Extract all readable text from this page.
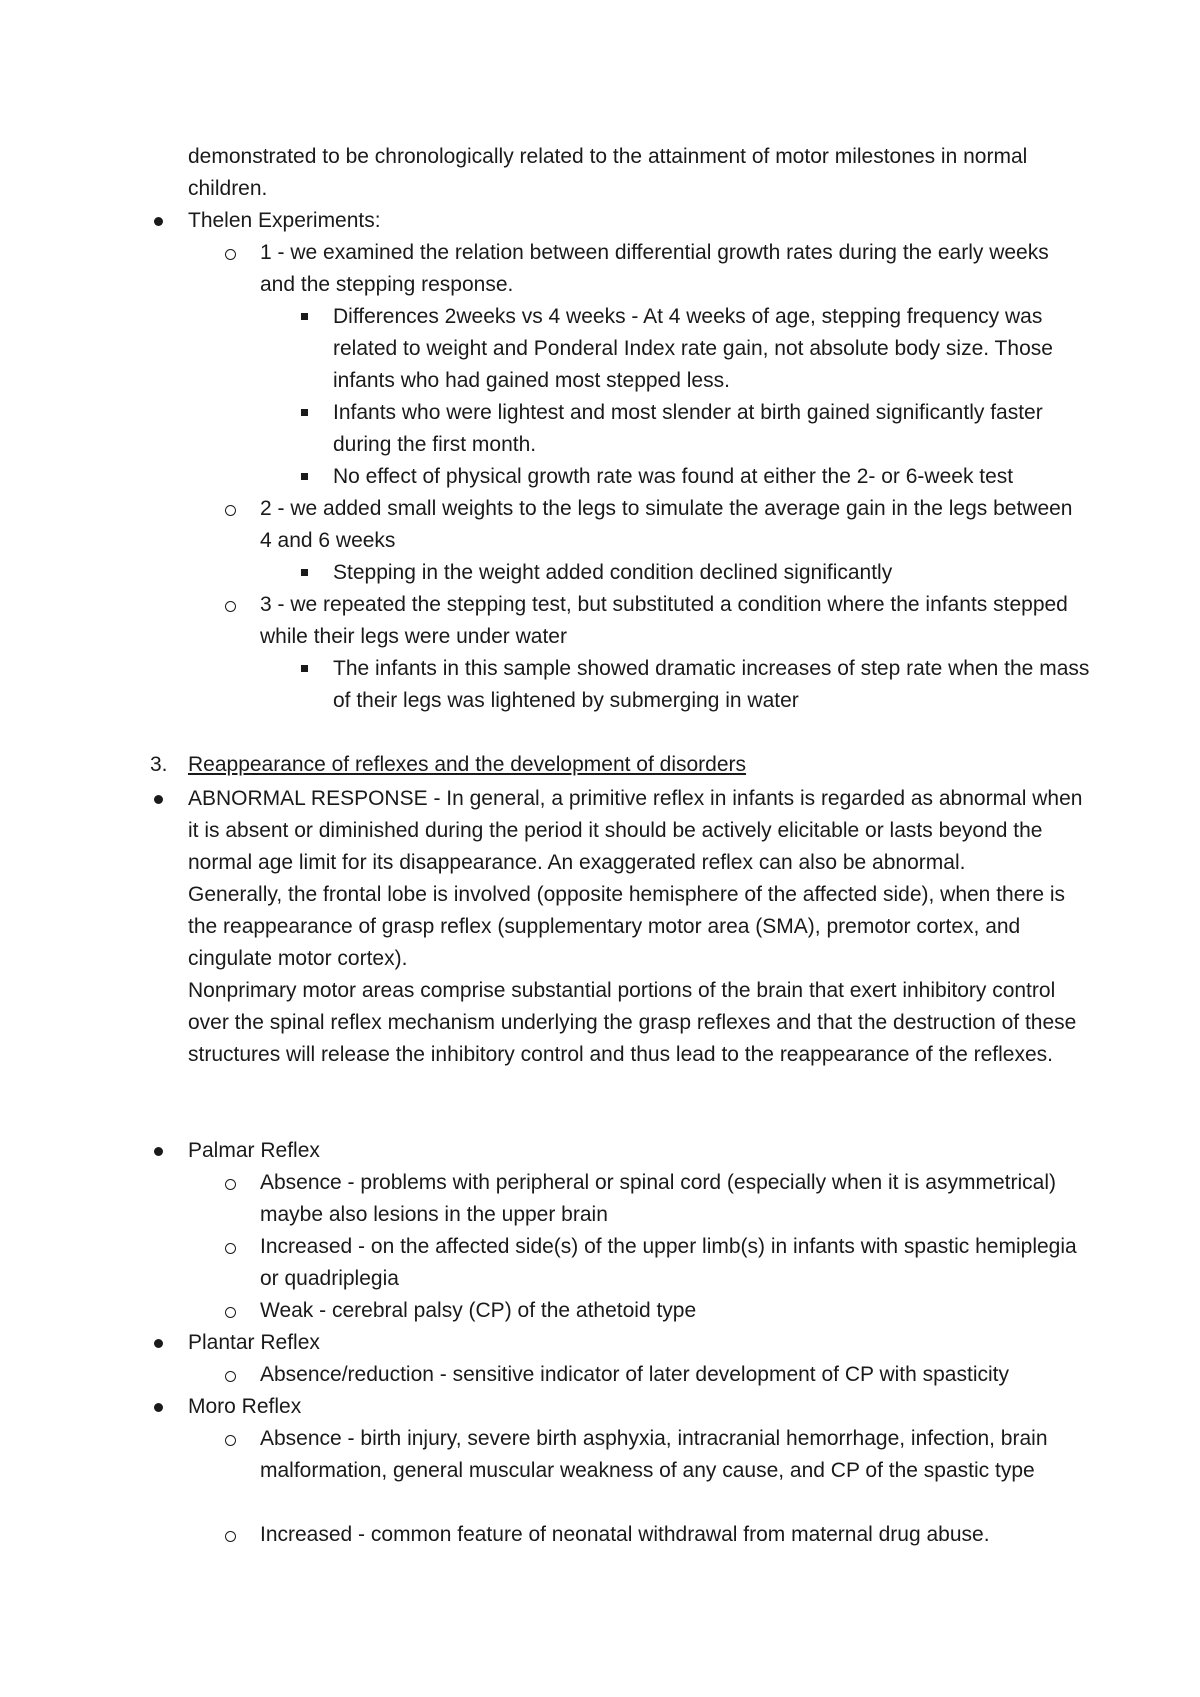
demonstrated to be chronologically related to the attainment of motor milestones in normal children.
Thelen Experiments:
1 - we examined the relation between differential growth rates during the early weeks and the stepping response.
Differences 2weeks vs 4 weeks - At 4 weeks of age, stepping frequency was related to weight and Ponderal Index rate gain, not absolute body size. Those infants who had gained most stepped less.
Infants who were lightest and most slender at birth gained significantly faster during the first month.
No effect of physical growth rate was found at either the 2- or 6-week test
2 - we added small weights to the legs to simulate the average gain in the legs between 4 and 6 weeks
Stepping in the weight added condition declined significantly
3 - we repeated the stepping test, but substituted a condition where the infants stepped while their legs were under water
The infants in this sample showed dramatic increases of step rate when the mass of their legs was lightened by submerging in water
3. Reappearance of reflexes and the development of disorders
ABNORMAL RESPONSE - In general, a primitive reflex in infants is regarded as abnormal when it is absent or diminished during the period it should be actively elicitable or lasts beyond the normal age limit for its disappearance. An exaggerated reflex can also be abnormal.
Generally, the frontal lobe is involved (opposite hemisphere of the affected side), when there is the reappearance of grasp reflex (supplementary motor area (SMA), premotor cortex, and cingulate motor cortex).
Nonprimary motor areas comprise substantial portions of the brain that exert inhibitory control over the spinal reflex mechanism underlying the grasp reflexes and that the destruction of these structures will release the inhibitory control and thus lead to the reappearance of the reflexes.
Palmar Reflex
Absence - problems with peripheral or spinal cord (especially when it is asymmetrical) maybe also lesions in the upper brain
Increased - on the affected side(s) of the upper limb(s) in infants with spastic hemiplegia or quadriplegia
Weak - cerebral palsy (CP) of the athetoid type
Plantar Reflex
Absence/reduction - sensitive indicator of later development of CP with spasticity
Moro Reflex
Absence - birth injury, severe birth asphyxia, intracranial hemorrhage, infection, brain malformation, general muscular weakness of any cause, and CP of the spastic type
Increased - common feature of neonatal withdrawal from maternal drug abuse.
